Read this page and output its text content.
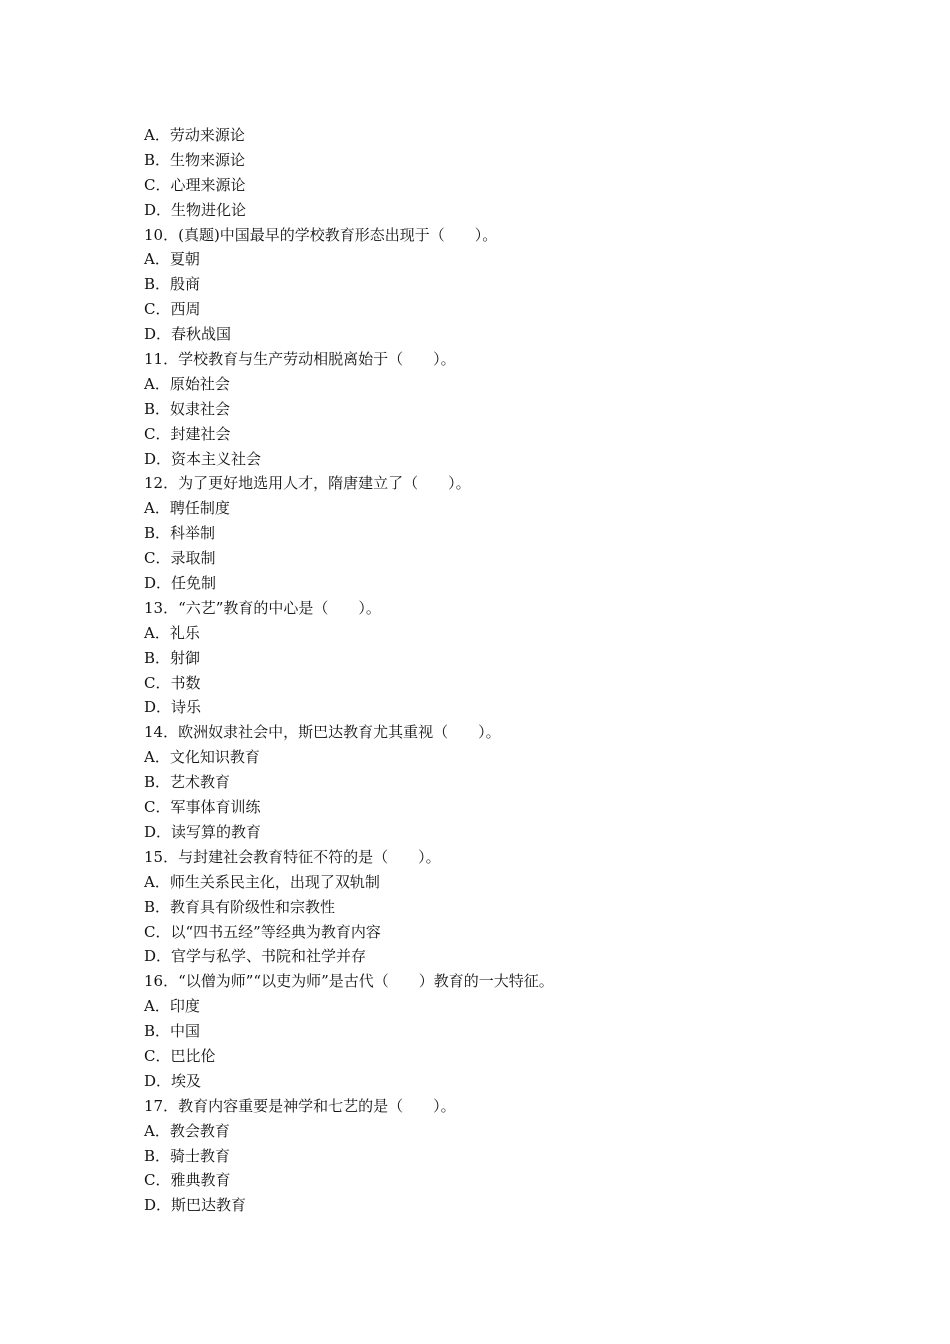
A．劳动来源论
B．生物来源论
C．心理来源论
D．生物进化论
10．(真题)中国最早的学校教育形态出现于（　　）。
A．夏朝
B．殷商
C．西周
D．春秋战国
11．学校教育与生产劳动相脱离始于（　　）。
A．原始社会
B．奴隶社会
C．封建社会
D．资本主义社会
12．为了更好地选用人才，隋唐建立了（　　）。
A．聘任制度
B．科举制
C．录取制
D．任免制
13．“六艺”教育的中心是（　　）。
A．礼乐
B．射御
C．书数
D．诗乐
14．欧洲奴隶社会中，斯巴达教育尤其重视（　　）。
A．文化知识教育
B．艺术教育
C．军事体育训练
D．读写算的教育
15．与封建社会教育特征不符的是（　　）。
A．师生关系民主化，出现了双轨制
B．教育具有阶级性和宗教性
C．以“四书五经”等经典为教育内容
D．官学与私学、书院和社学并存
16．“以僧为师”“以吏为师”是古代（　　）教育的一大特征。
A．印度
B．中国
C．巴比伦
D．埃及
17．教育内容重要是神学和七艺的是（　　）。
A．教会教育
B．骑士教育
C．雅典教育
D．斯巴达教育
